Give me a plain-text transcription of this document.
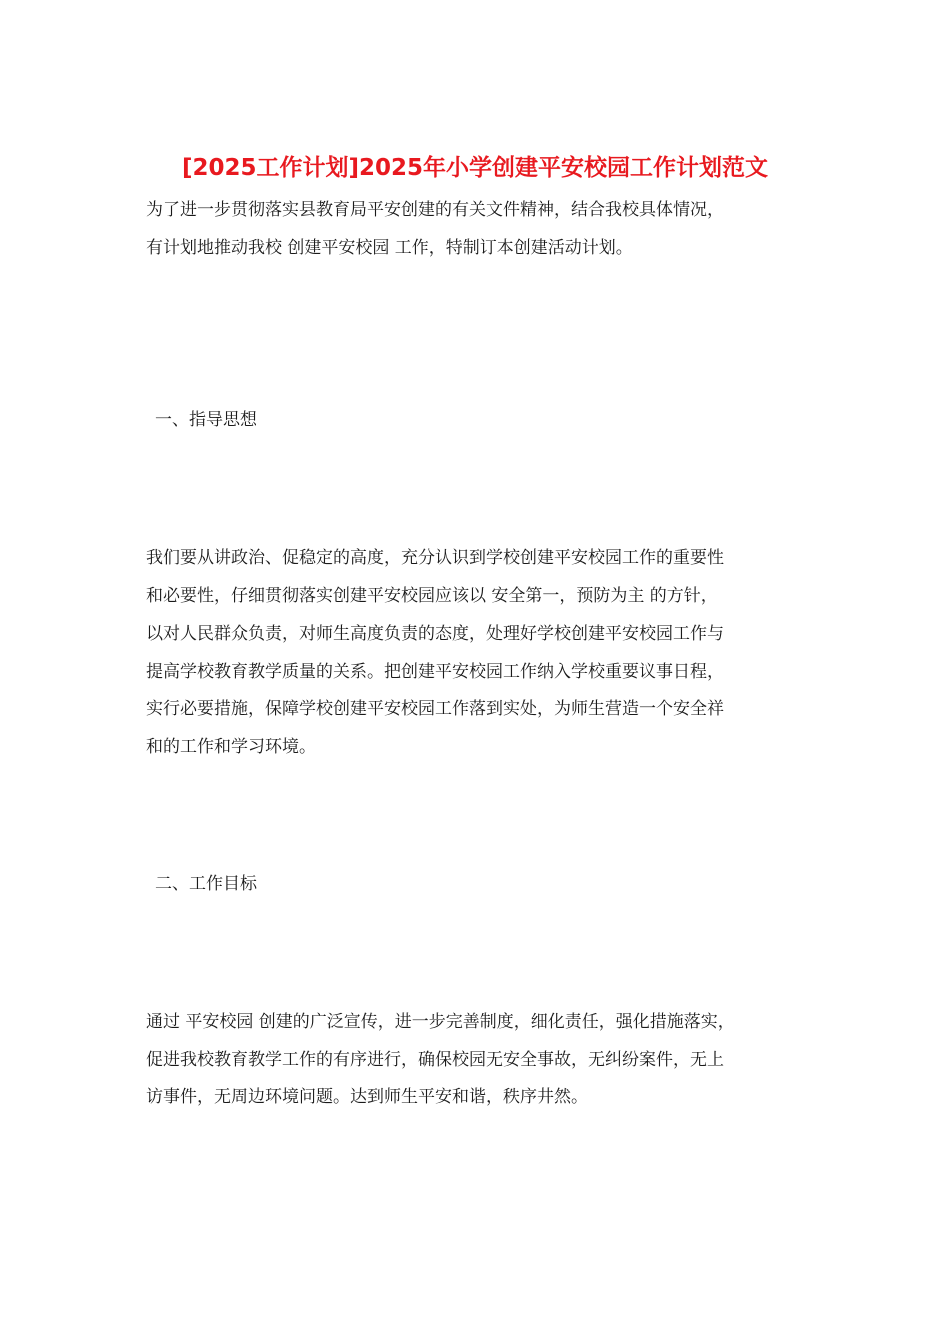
[2025工作计划]2025年小学创建平安校园工作计划范文
为了进一步贯彻落实县教育局平安创建的有关文件精神，结合我校具体情况，
有计划地推动我校 创建平安校园 工作，特制订本创建活动计划。
一、指导思想
我们要从讲政治、促稳定的高度，充分认识到学校创建平安校园工作的重要性
和必要性，仔细贯彻落实创建平安校园应该以 安全第一，预防为主 的方针，
以对人民群众负责，对师生高度负责的态度，处理好学校创建平安校园工作与
提高学校教育教学质量的关系。把创建平安校园工作纳入学校重要议事日程，
实行必要措施，保障学校创建平安校园工作落到实处，为师生营造一个安全祥
和的工作和学习环境。
二、工作目标
通过 平安校园 创建的广泛宣传，进一步完善制度，细化责任，强化措施落实，
促进我校教育教学工作的有序进行，确保校园无安全事故，无纠纷案件，无上
访事件，无周边环境问题。达到师生平安和谐，秩序井然。
